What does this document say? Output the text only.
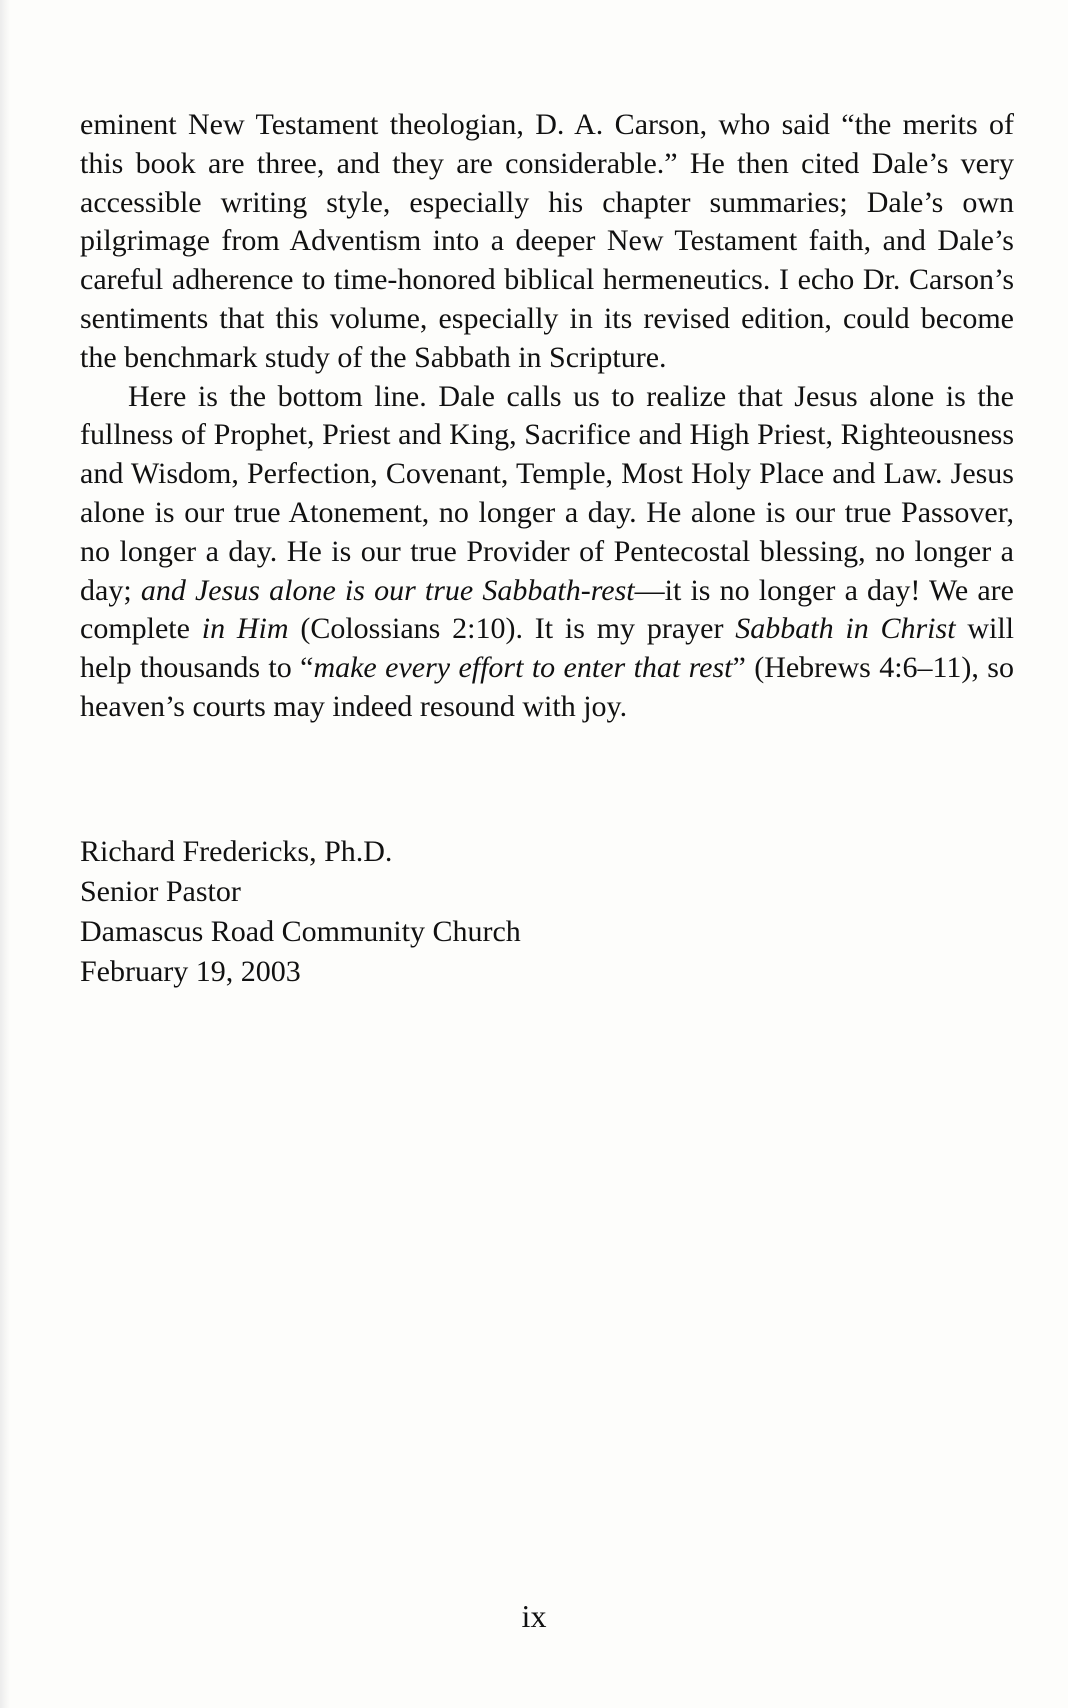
eminent New Testament theologian, D. A. Carson, who said “the merits of this book are three, and they are considerable.” He then cited Dale’s very accessible writing style, especially his chapter summaries; Dale’s own pilgrimage from Adventism into a deeper New Testament faith, and Dale’s careful adherence to time-honored biblical hermeneutics. I echo Dr. Carson’s sentiments that this volume, especially in its revised edition, could become the benchmark study of the Sabbath in Scripture.

Here is the bottom line. Dale calls us to realize that Jesus alone is the fullness of Prophet, Priest and King, Sacrifice and High Priest, Righteousness and Wisdom, Perfection, Covenant, Temple, Most Holy Place and Law. Jesus alone is our true Atonement, no longer a day. He alone is our true Passover, no longer a day. He is our true Provider of Pentecostal blessing, no longer a day; and Jesus alone is our true Sabbath-rest—it is no longer a day! We are complete in Him (Colossians 2:10). It is my prayer Sabbath in Christ will help thousands to “make every effort to enter that rest” (Hebrews 4:6–11), so heaven’s courts may indeed resound with joy.

Richard Fredericks, Ph.D.
Senior Pastor
Damascus Road Community Church
February 19, 2003
ix
